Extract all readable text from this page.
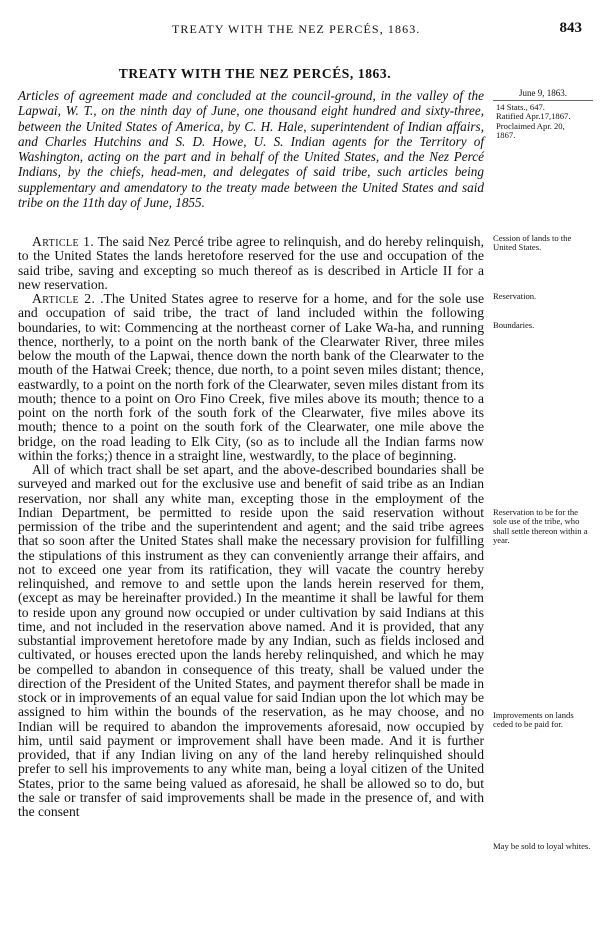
TREATY WITH THE NEZ PERCÉS, 1863.	843
TREATY WITH THE NEZ PERCÉS, 1863.
Articles of agreement made and concluded at the council-ground, in the valley of the Lapwai, W. T., on the ninth day of June, one thousand eight hundred and sixty-three, between the United States of America, by C. H. Hale, superintendent of Indian affairs, and Charles Hutchins and S. D. Howe, U. S. Indian agents for the Territory of Washington, acting on the part and in behalf of the United States, and the Nez Percé Indians, by the chiefs, head-men, and delegates of said tribe, such articles being supplementary and amendatory to the treaty made between the United States and said tribe on the 11th day of June, 1855.
June 9, 1863.
14 Stats., 647.
Ratified Apr.17,1867.
Proclaimed Apr. 20,
1867.

Article 1. The said Nez Percé tribe agree to relinquish, and do hereby relinquish, to the United States the lands heretofore reserved for the use and occupation of the said tribe, saving and excepting so much thereof as is described in Article II for a new reservation.

Article 2. .The United States agree to reserve for a home, and for the sole use and occupation of said tribe, the tract of land included within the following boundaries, to wit: Commencing at the northeast corner of Lake Wa-ha, and running thence, northerly, to a point on the north bank of the Clearwater River, three miles below the mouth of the Lapwai, thence down the north bank of the Clearwater to the mouth of the Hatwai Creek; thence, due north, to a point seven miles distant; thence, eastwardly, to a point on the north fork of the Clearwater, seven miles distant from its mouth; thence to a point on Oro Fino Creek, five miles above its mouth; thence to a point on the north fork of the south fork of the Clearwater, five miles above its mouth; thence to a point on the south fork of the Clearwater, one mile above the bridge, on the road leading to Elk City, (so as to include all the Indian farms now within the forks;) thence in a straight line, westwardly, to the place of beginning.

All of which tract shall be set apart, and the above-described boundaries shall be surveyed and marked out for the exclusive use and benefit of said tribe as an Indian reservation, nor shall any white man, excepting those in the employment of the Indian Department, be permitted to reside upon the said reservation without permission of the tribe and the superintendent and agent; and the said tribe agrees that so soon after the United States shall make the necessary provision for fulfilling the stipulations of this instrument as they can conveniently arrange their affairs, and not to exceed one year from its ratification, they will vacate the country hereby relinquished, and remove to and settle upon the lands herein reserved for them, (except as may be hereinafter provided.) In the meantime it shall be lawful for them to reside upon any ground now occupied or under cultivation by said Indians at this time, and not included in the reservation above named. And it is provided, that any substantial improvement heretofore made by any Indian, such as fields inclosed and cultivated, or houses erected upon the lands hereby relinquished, and which he may be compelled to abandon in consequence of this treaty, shall be valued under the direction of the President of the United States, and payment therefor shall be made in stock or in improvements of an equal value for said Indian upon the lot which may be assigned to him within the bounds of the reservation, as he may choose, and no Indian will be required to abandon the improvements aforesaid, now occupied by him, until said payment or improvement shall have been made. And it is further provided, that if any Indian living on any of the land hereby relinquished should prefer to sell his improvements to any white man, being a loyal citizen of the United States, prior to the same being valued as aforesaid, he shall be allowed so to do, but the sale or transfer of said improvements shall be made in the presence of, and with the consent

Cession of lands to the United States.
Reservation.
Boundaries.
Reservation to be for the sole use of the tribe, who shall settle thereon within a year.
Improvements on lands ceded to be paid for.
May be sold to loyal whites.
